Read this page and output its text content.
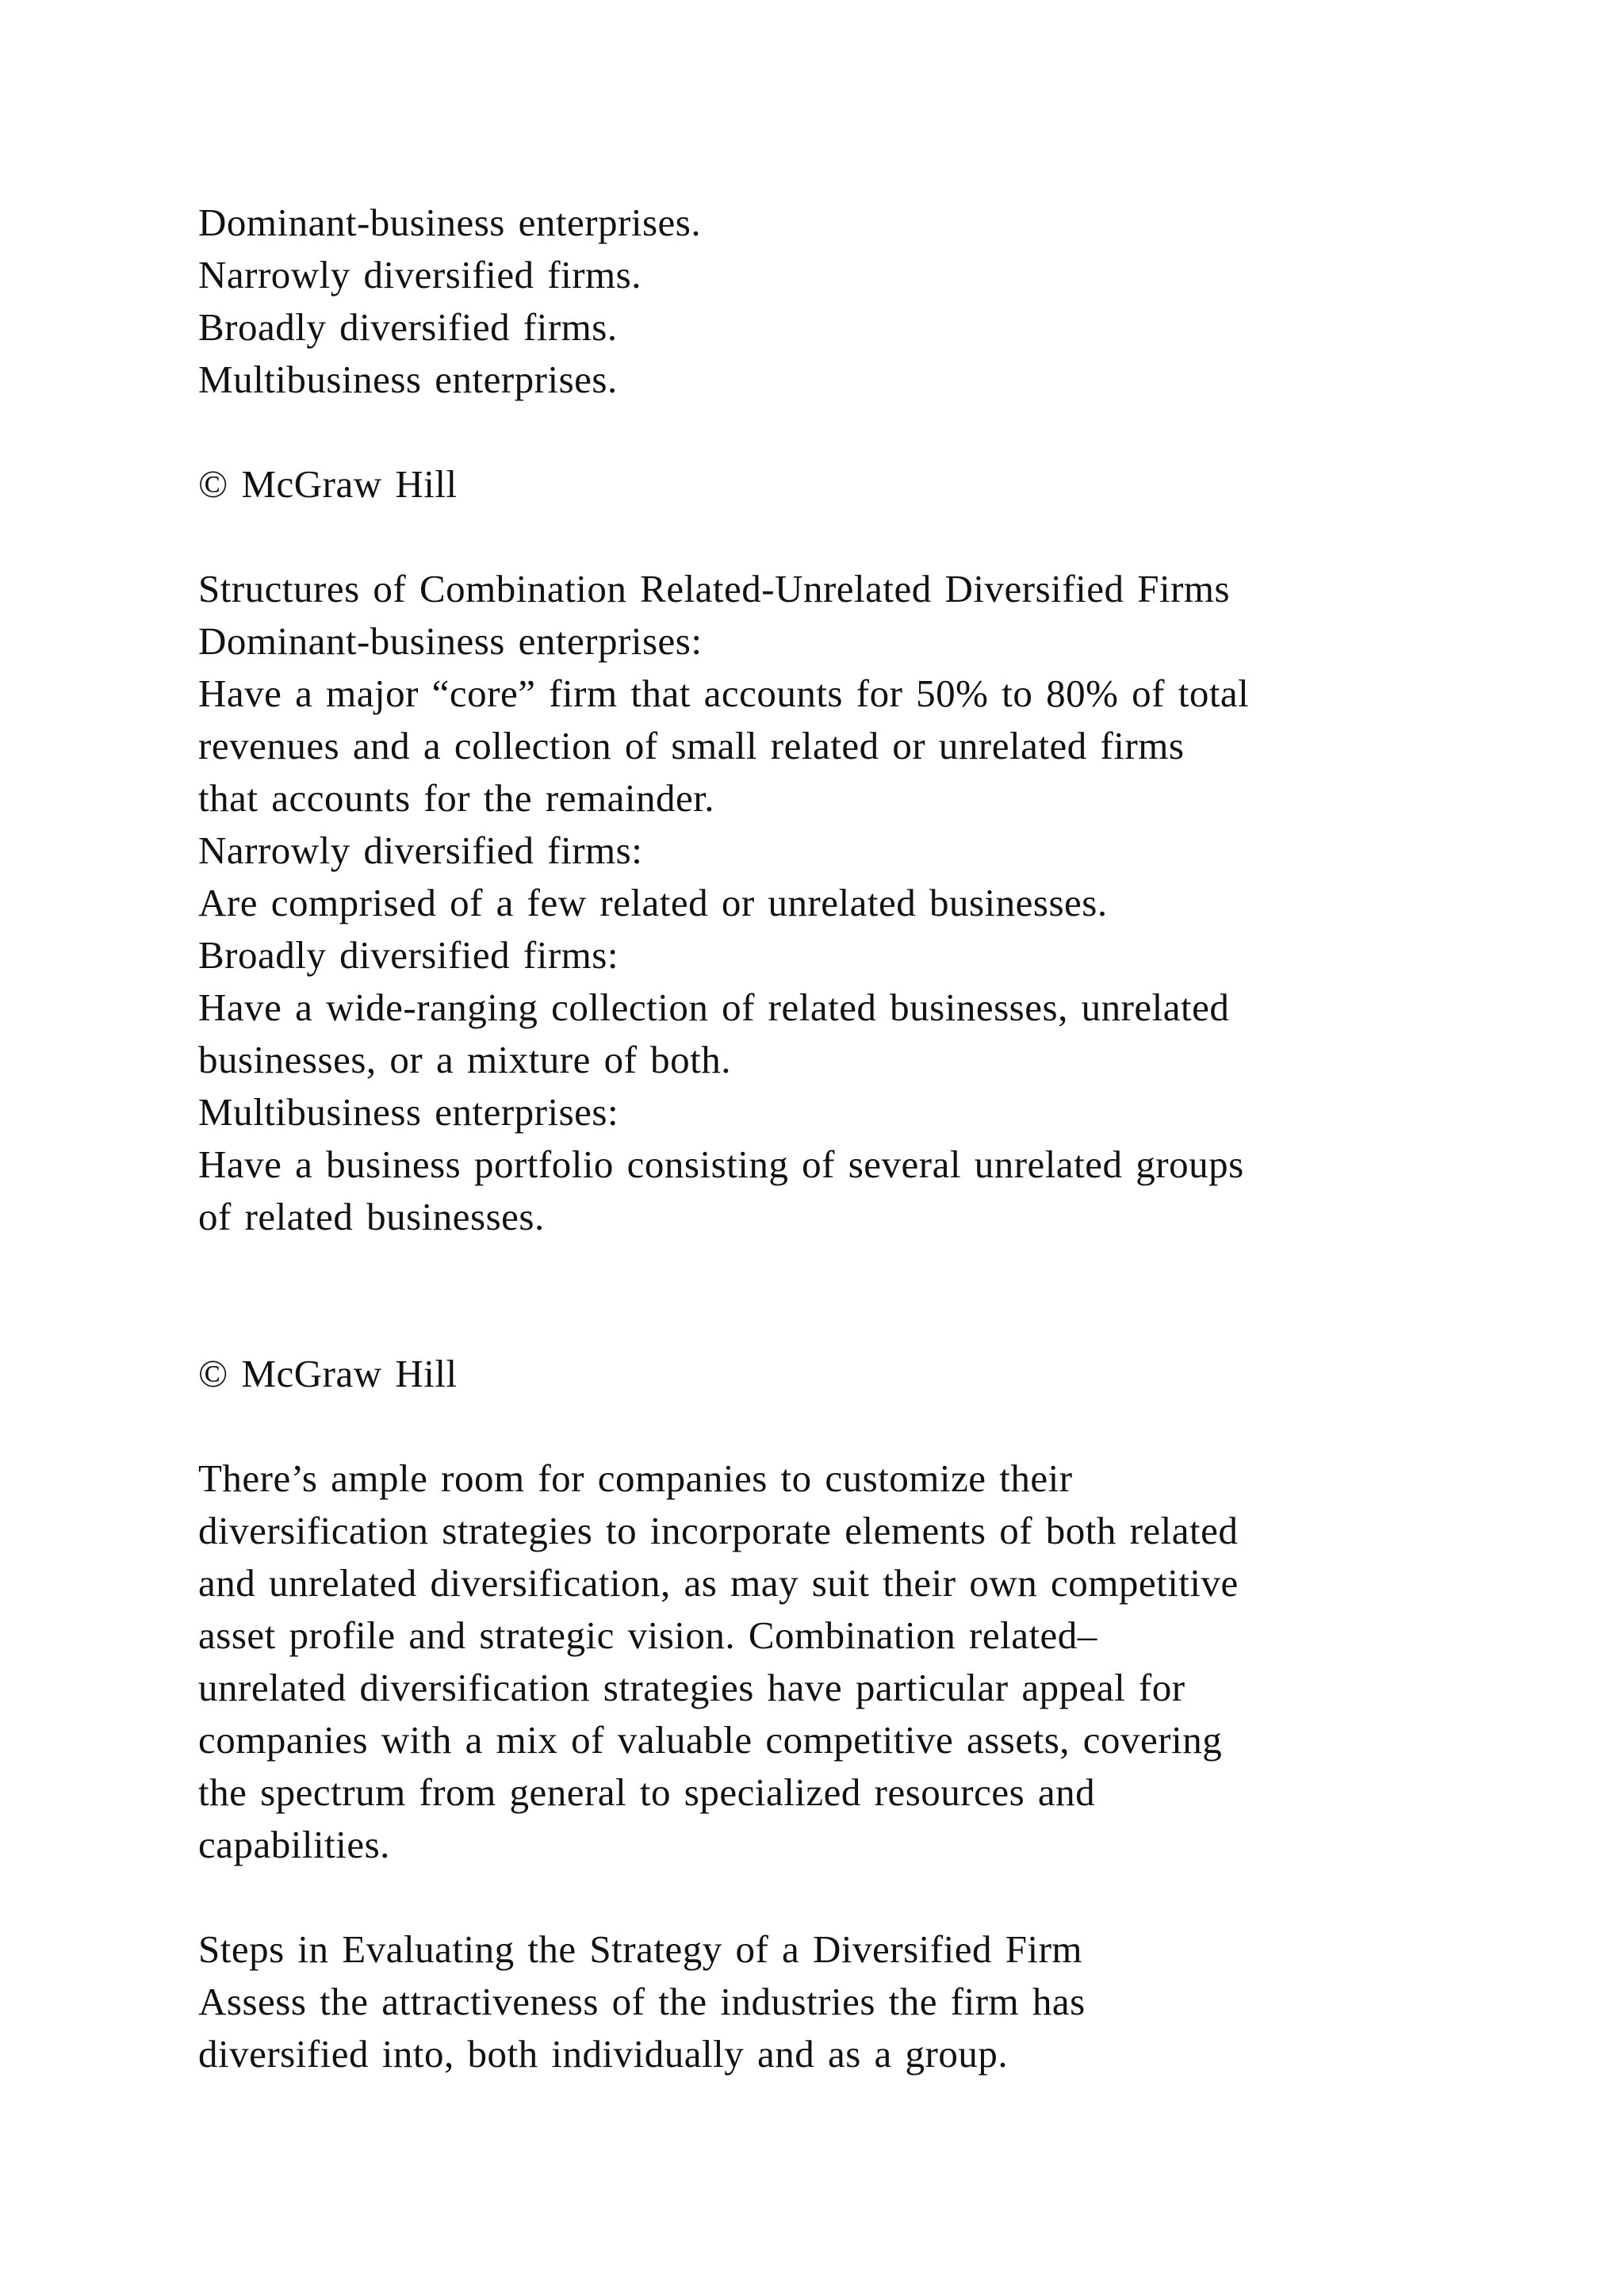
Dominant-business enterprises.
Narrowly diversified firms.
Broadly diversified firms.
Multibusiness enterprises.
© McGraw Hill
Structures of Combination Related-Unrelated Diversified Firms
Dominant-business enterprises:
Have a major “core” firm that accounts for 50% to 80% of total
revenues and a collection of small related or unrelated firms
that accounts for the remainder.
Narrowly diversified firms:
Are comprised of a few related or unrelated businesses.
Broadly diversified firms:
Have a wide-ranging collection of related businesses, unrelated
businesses, or a mixture of both.
Multibusiness enterprises:
Have a business portfolio consisting of several unrelated groups
of related businesses.
© McGraw Hill
There’s ample room for companies to customize their
diversification strategies to incorporate elements of both related
and unrelated diversification, as may suit their own competitive
asset profile and strategic vision. Combination related–
unrelated diversification strategies have particular appeal for
companies with a mix of valuable competitive assets, covering
the spectrum from general to specialized resources and
capabilities.
Steps in Evaluating the Strategy of a Diversified Firm
Assess the attractiveness of the industries the firm has
diversified into, both individually and as a group.
